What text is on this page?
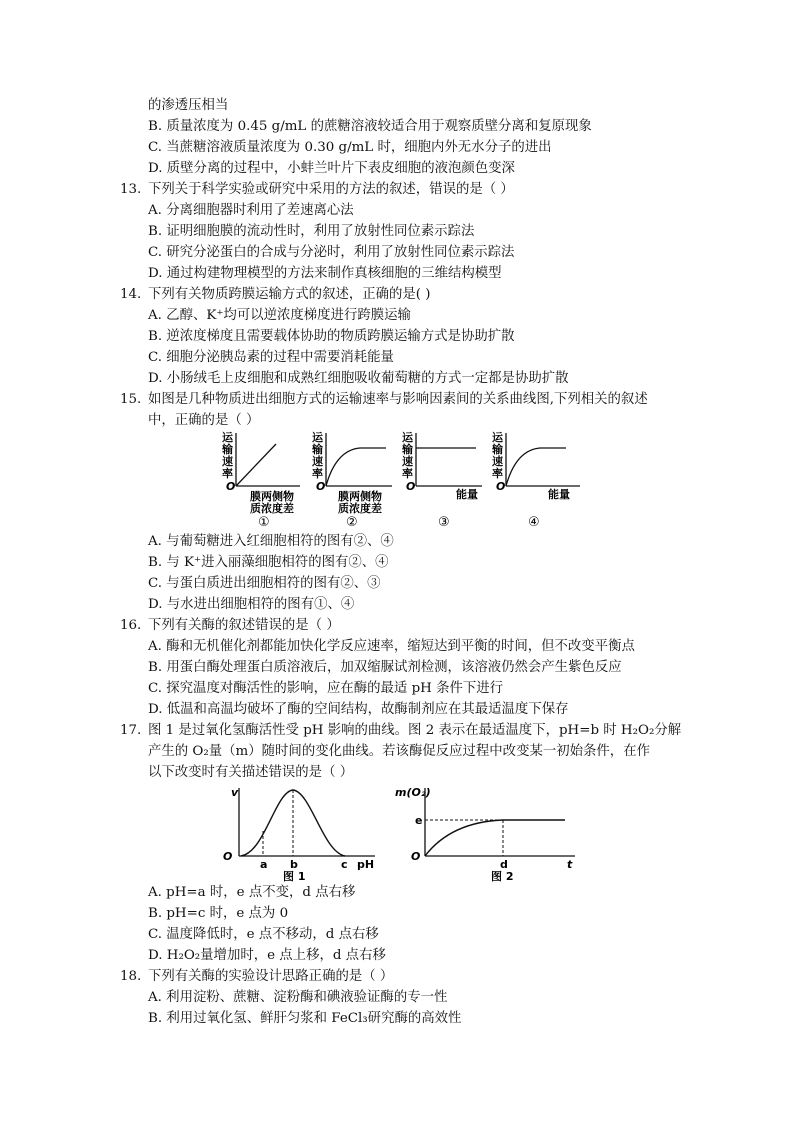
的渗透压相当
B. 质量浓度为 0.45 g/mL 的蔗糖溶液较适合用于观察质壁分离和复原现象
C. 当蔗糖溶液质量浓度为 0.30 g/mL 时，细胞内外无水分子的进出
D. 质壁分离的过程中，小蚌兰叶片下表皮细胞的液泡颜色变深
13. 下列关于科学实验或研究中采用的方法的叙述，错误的是（ ）
A. 分离细胞器时利用了差速离心法
B. 证明细胞膜的流动性时，利用了放射性同位素示踪法
C. 研究分泌蛋白的合成与分泌时，利用了放射性同位素示踪法
D. 通过构建物理模型的方法来制作真核细胞的三维结构模型
14. 下列有关物质跨膜运输方式的叙述，正确的是( )
A. 乙醇、K⁺均可以逆浓度梯度进行跨膜运输
B. 逆浓度梯度且需要载体协助的物质跨膜运输方式是协助扩散
C. 细胞分泌胰岛素的过程中需要消耗能量
D. 小肠绒毛上皮细胞和成熟红细胞吸收葡萄糖的方式一定都是协助扩散
15. 如图是几种物质进出细胞方式的运输速率与影响因素间的关系曲线图,下列相关的叙述
中，正确的是（ ）
运
输
速
率
O
膜两侧物
质浓度差
①
运
输
速
率
O
膜两侧物
质浓度差
②
运
输
速
率
O
能量
③
运
输
速
率
O
能量
④
A. 与葡萄糖进入红细胞相符的图有②、④
B. 与 K⁺进入丽藻细胞相符的图有②、④
C. 与蛋白质进出细胞相符的图有②、③
D. 与水进出细胞相符的图有①、④
16. 下列有关酶的叙述错误的是（ ）
A. 酶和无机催化剂都能加快化学反应速率，缩短达到平衡的时间，但不改变平衡点
B. 用蛋白酶处理蛋白质溶液后，加双缩脲试剂检测，该溶液仍然会产生紫色反应
C. 探究温度对酶活性的影响，应在酶的最适 pH 条件下进行
D. 低温和高温均破坏了酶的空间结构，故酶制剂应在其最适温度下保存
17. 图 1 是过氧化氢酶活性受 pH 影响的曲线。图 2 表示在最适温度下，pH=b 时 H₂O₂分解
产生的 O₂量（m）随时间的变化曲线。若该酶促反应过程中改变某一初始条件，在作
以下改变时有关描述错误的是（ ）
v
O
a b	c pH
图 1
m(O₂)
O
e
d	t
图 2
A. pH=a 时，e 点不变，d 点右移
B. pH=c 时，e 点为 0
C. 温度降低时，e 点不移动，d 点右移
D. H₂O₂量增加时，e 点上移，d 点右移
18. 下列有关酶的实验设计思路正确的是（ ）
A. 利用淀粉、蔗糖、淀粉酶和碘液验证酶的专一性
B. 利用过氧化氢、鲜肝匀浆和 FeCl₃研究酶的高效性
